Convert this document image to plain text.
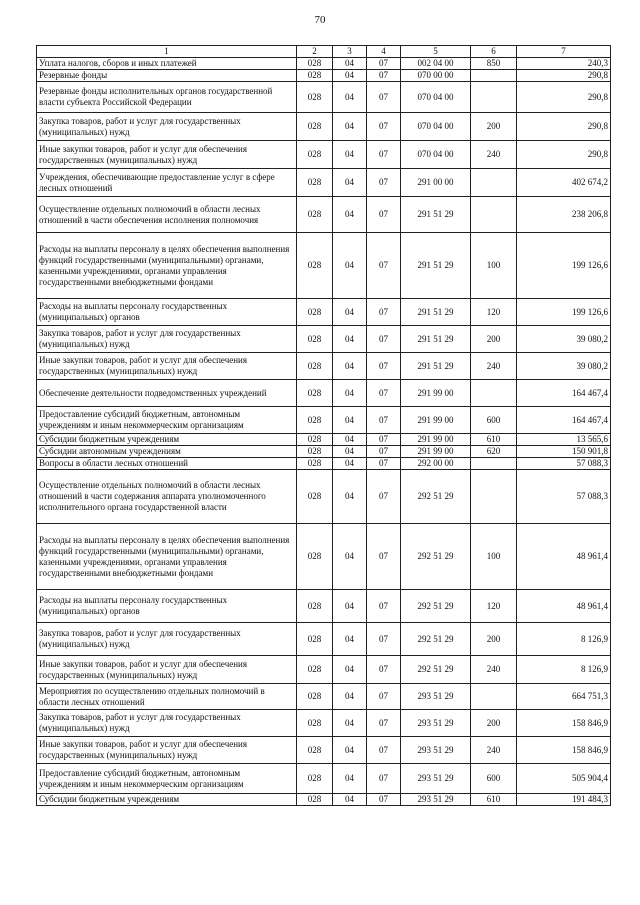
70
1	2	3	4	5	6	7
Уплата налогов, сборов и иных платежей	028	04	07	002 04 00	850	240,3
Резервные фонды	028	04	07	070 00 00		290,8
Резервные фонды исполнительных органов государственной власти субъекта Российской Федерации	028	04	07	070 04 00		290,8
Закупка товаров, работ и услуг для государственных (муниципальных) нужд	028	04	07	070 04 00	200	290,8
Иные закупки товаров, работ и услуг для обеспечения государственных (муниципальных) нужд	028	04	07	070 04 00	240	290,8
Учреждения, обеспечивающие предоставление услуг в сфере лесных отношений	028	04	07	291 00 00		402 674,2
Осуществление отдельных полномочий в области лесных отношений в части обеспечения исполнения полномочия	028	04	07	291 51 29		238 206,8
Расходы на выплаты персоналу в целях обеспечения выполнения функций государственными (муниципальными) органами, казенными учреждениями, органами управления государственными внебюджетными фондами	028	04	07	291 51 29	100	199 126,6
Расходы на выплаты персоналу государственных (муниципальных) органов	028	04	07	291 51 29	120	199 126,6
Закупка товаров, работ и услуг для государственных (муниципальных) нужд	028	04	07	291 51 29	200	39 080,2
Иные закупки товаров, работ и услуг для обеспечения государственных (муниципальных) нужд	028	04	07	291 51 29	240	39 080,2
Обеспечение деятельности подведомственных учреждений	028	04	07	291 99 00		164 467,4
Предоставление субсидий бюджетным, автономным учреждениям и иным некоммерческим организациям	028	04	07	291 99 00	600	164 467,4
Субсидии бюджетным учреждениям	028	04	07	291 99 00	610	13 565,6
Субсидии автономным учреждениям	028	04	07	291 99 00	620	150 901,8
Вопросы в области лесных отношений	028	04	07	292 00 00		57 088,3
Осуществление отдельных полномочий в области лесных отношений в части содержания аппарата уполномоченного исполнительного органа государственной власти	028	04	07	292 51 29		57 088,3
Расходы на выплаты персоналу в целях обеспечения выполнения функций государственными (муниципальными) органами, казенными учреждениями, органами управления государственными внебюджетными фондами	028	04	07	292 51 29	100	48 961,4
Расходы на выплаты персоналу государственных (муниципальных) органов	028	04	07	292 51 29	120	48 961,4
Закупка товаров, работ и услуг для государственных (муниципальных) нужд	028	04	07	292 51 29	200	8 126,9
Иные закупки товаров, работ и услуг для обеспечения государственных (муниципальных) нужд	028	04	07	292 51 29	240	8 126,9
Мероприятия по осуществлению отдельных полномочий в области лесных отношений	028	04	07	293 51 29		664 751,3
Закупка товаров, работ и услуг для государственных (муниципальных) нужд	028	04	07	293 51 29	200	158 846,9
Иные закупки товаров, работ и услуг для обеспечения государственных (муниципальных) нужд	028	04	07	293 51 29	240	158 846,9
Предоставление субсидий бюджетным, автономным учреждениям и иным некоммерческим организациям	028	04	07	293 51 29	600	505 904,4
Субсидии бюджетным учреждениям	028	04	07	293 51 29	610	191 484,3
